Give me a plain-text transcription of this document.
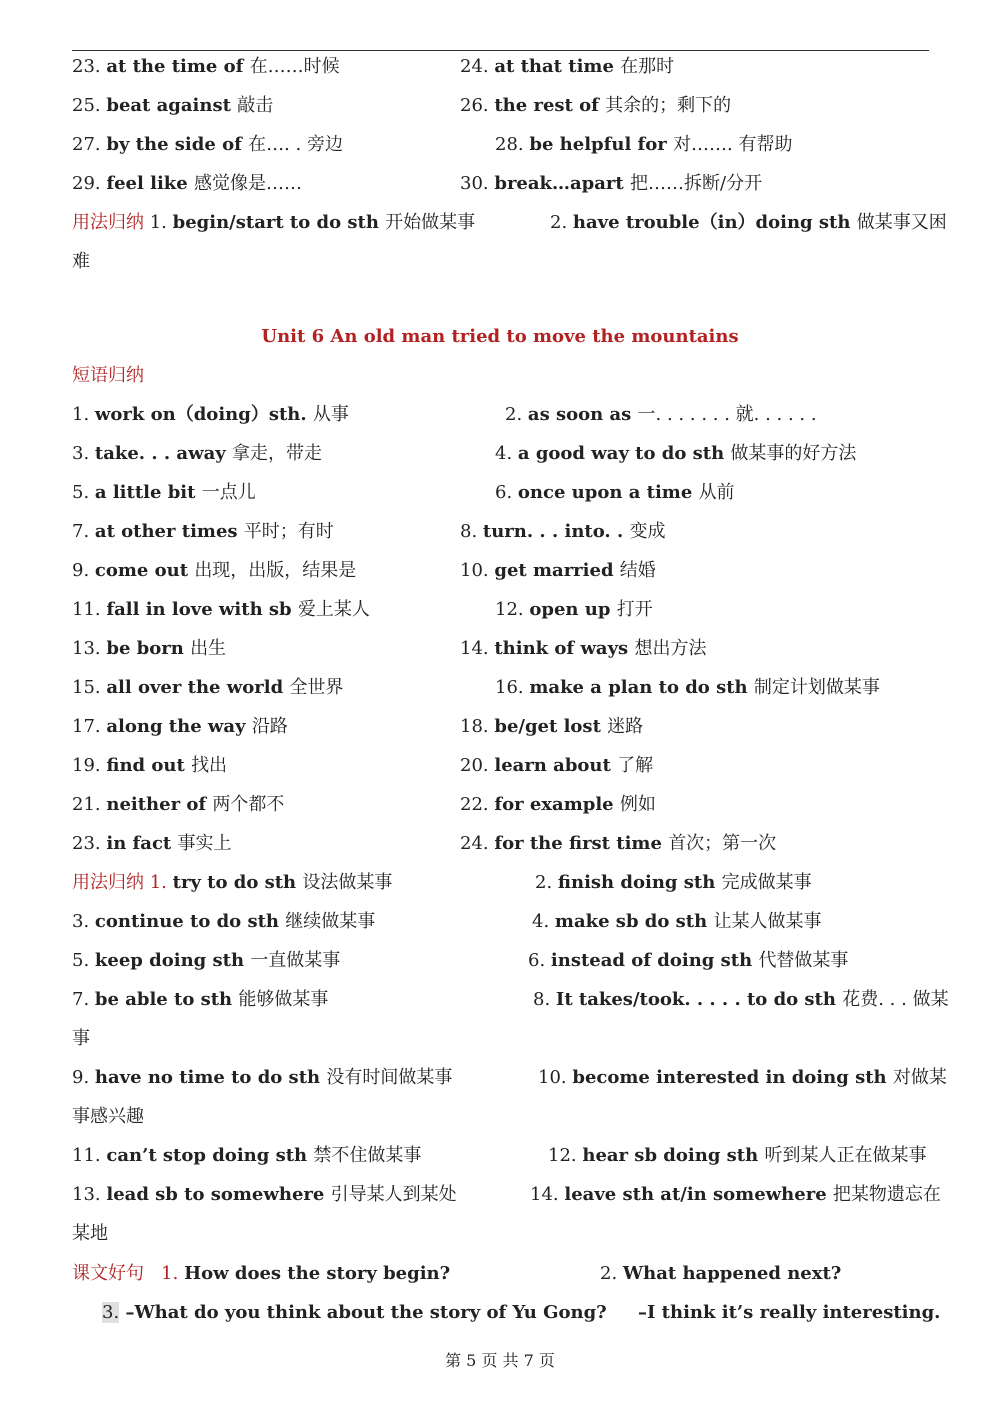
23. at the time of 在……时候	24. at that time 在那时
25. beat against 敲击	26. the rest of 其余的；剩下的
27. by the side of 在…. . 旁边	28. be helpful for 对……. 有帮助
29. feel like 感觉像是……	30. break…apart 把……拆断/分开
用法归纳 1. begin/start to do sth 开始做某事	2. have trouble（in）doing sth 做某事又困
难
Unit 6 An old man tried to move the mountains
短语归纳
1. work on（doing）sth. 从事	2. as soon as 一. . . . . . . 就. . . . . .
3. take. . . away 拿走，带走	4. a good way to do sth 做某事的好方法
5. a little bit 一点儿	6. once upon a time 从前
7. at other times 平时；有时	8. turn. . . into. . 变成
9. come out 出现，出版，结果是	10. get married 结婚
11. fall in love with sb 爱上某人	12. open up 打开
13. be born 出生	14. think of ways 想出方法
15. all over the world 全世界	16. make a plan to do sth 制定计划做某事
17. along the way 沿路	18. be/get lost 迷路
19. find out 找出	20. learn about 了解
21. neither of 两个都不	22. for example 例如
23. in fact 事实上	24. for the first time 首次；第一次
用法归纳 1. try to do sth 设法做某事	2. finish doing sth 完成做某事
3. continue to do sth 继续做某事	4. make sb do sth 让某人做某事
5. keep doing sth 一直做某事	6. instead of doing sth 代替做某事
7. be able to sth 能够做某事	8. It takes/took. . . . . to do sth 花费. . . 做某
事
9. have no time to do sth 没有时间做某事	10. become interested in doing sth 对做某
事感兴趣
11. can’t stop doing sth 禁不住做某事	12. hear sb doing sth 听到某人正在做某事
13. lead sb to somewhere 引导某人到某处	14. leave sth at/in somewhere 把某物遗忘在
某地
课文好句 1. How does the story begin?	2. What happened next?
3. –What do you think about the story of Yu Gong? –I think it’s really interesting.
第 5 页 共 7 页
